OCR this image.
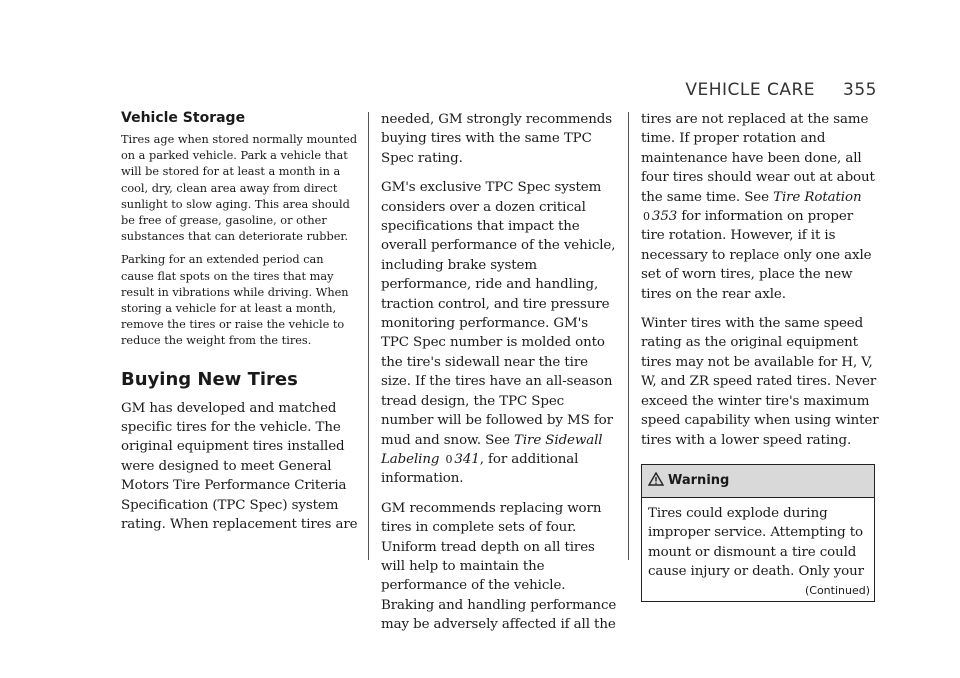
VEHICLE CARE 355
Vehicle Storage

Tires age when stored normally mounted on a parked vehicle. Park a vehicle that will be stored for at least a month in a cool, dry, clean area away from direct sunlight to slow aging. This area should be free of grease, gasoline, or other substances that can deteriorate rubber.

Parking for an extended period can cause flat spots on the tires that may result in vibrations while driving. When storing a vehicle for at least a month, remove the tires or raise the vehicle to reduce the weight from the tires.

Buying New Tires

GM has developed and matched specific tires for the vehicle. The original equipment tires installed were designed to meet General Motors Tire Performance Criteria Specification (TPC Spec) system rating. When replacement tires are

needed, GM strongly recommends buying tires with the same TPC Spec rating.

GM's exclusive TPC Spec system considers over a dozen critical specifications that impact the overall performance of the vehicle, including brake system performance, ride and handling, traction control, and tire pressure monitoring performance. GM's TPC Spec number is molded onto the tire's sidewall near the tire size. If the tires have an all-season tread design, the TPC Spec number will be followed by MS for mud and snow. See Tire Sidewall Labeling 0 341, for additional information.

GM recommends replacing worn tires in complete sets of four. Uniform tread depth on all tires will help to maintain the performance of the vehicle. Braking and handling performance may be adversely affected if all the

tires are not replaced at the same time. If proper rotation and maintenance have been done, all four tires should wear out at about the same time. See Tire Rotation 0 353 for information on proper tire rotation. However, if it is necessary to replace only one axle set of worn tires, place the new tires on the rear axle.

Winter tires with the same speed rating as the original equipment tires may not be available for H, V, W, and ZR speed rated tires. Never exceed the winter tire's maximum speed capability when using winter tires with a lower speed rating.

Warning

Tires could explode during improper service. Attempting to mount or dismount a tire could cause injury or death. Only your

(Continued)
